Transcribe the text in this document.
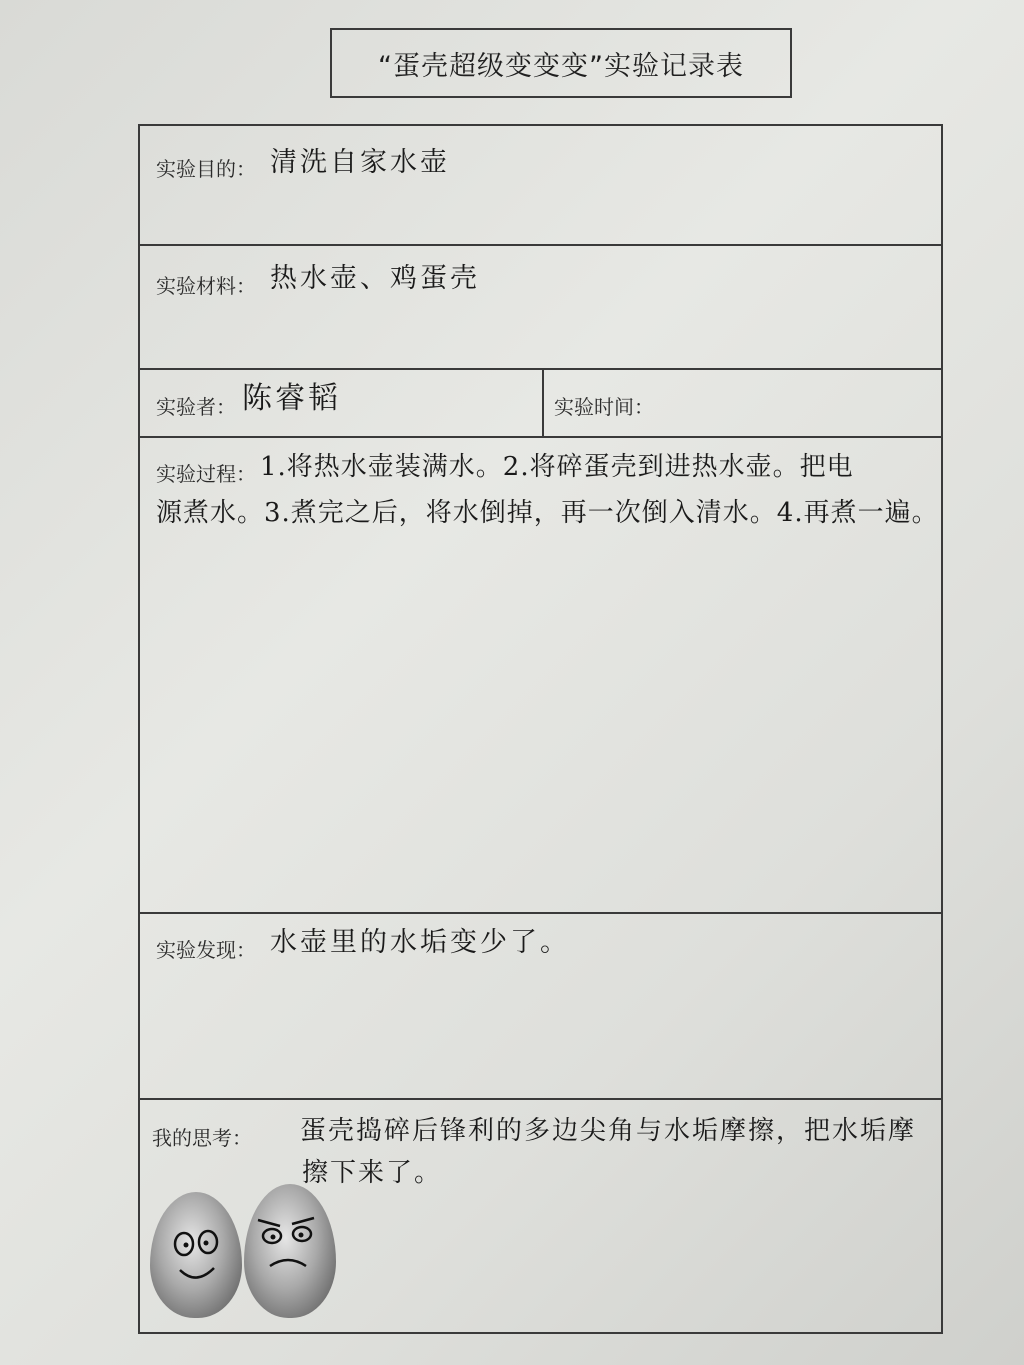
“蛋壳超级变变变”实验记录表
实验目的： 清洗自家水壶
实验材料： 热水壶、鸡蛋壳
实验者： 陈睿韬	实验时间：
实验过程： 1.将热水壶装满水。2.将碎蛋壳到进热水壶。把电
源煮水。3.煮完之后，将水倒掉，再一次倒入清水。4.再煮一遍。
实验发现： 水壶里的水垢变少了。
我的思考： 蛋壳捣碎后锋利的多边尖角与水垢摩擦，把水垢摩
擦下来了。
